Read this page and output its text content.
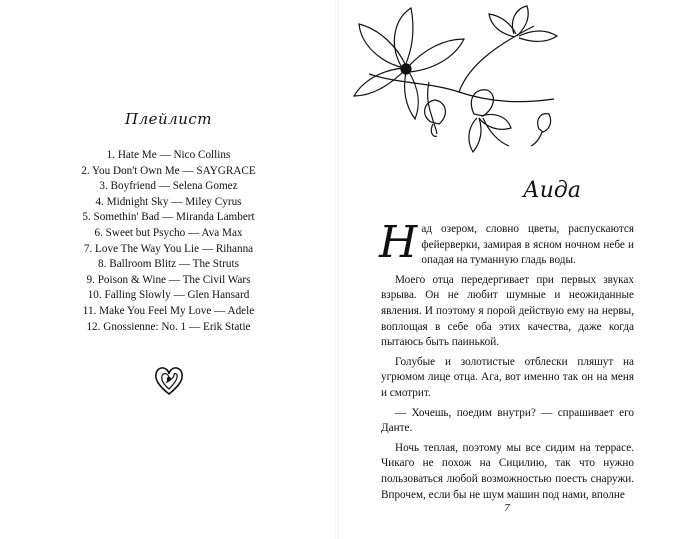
Плейлист
1. Hate Me — Nico Collins
2. You Don't Own Me — SAYGRACE
3. Boyfriend — Selena Gomez
4. Midnight Sky — Miley Cyrus
5. Somethin' Bad — Miranda Lambert
6. Sweet but Psycho — Ava Max
7. Love The Way You Lie — Rihanna
8. Ballroom Blitz — The Struts
9. Poison & Wine — The Civil Wars
10. Falling Slowly — Glen Hansard
11. Make You Feel My Love — Adele
12. Gnossienne: No. 1 — Erik Statie
Аида

Над озером, словно цветы, распускаются фейерверки, замирая в ясном ночном небе и опадая на туманную гладь воды.

Моего отца передергивает при первых звуках взрыва. Он не любит шумные и неожиданные явления. И поэтому я порой действую ему на нервы, воплощая в себе оба этих качества, даже когда пытаюсь быть паинькой.

Голубые и золотистые отблески пляшут на угрюмом лице отца. Ага, вот именно так он на меня и смотрит.

— Хочешь, поедим внутри? — спрашивает его Данте.

Ночь теплая, поэтому мы все сидим на террасе. Чикаго не похож на Сицилию, так что нужно пользоваться любой возможностью поесть снаружи. Впрочем, если бы не шум машин под нами, вполне

7
